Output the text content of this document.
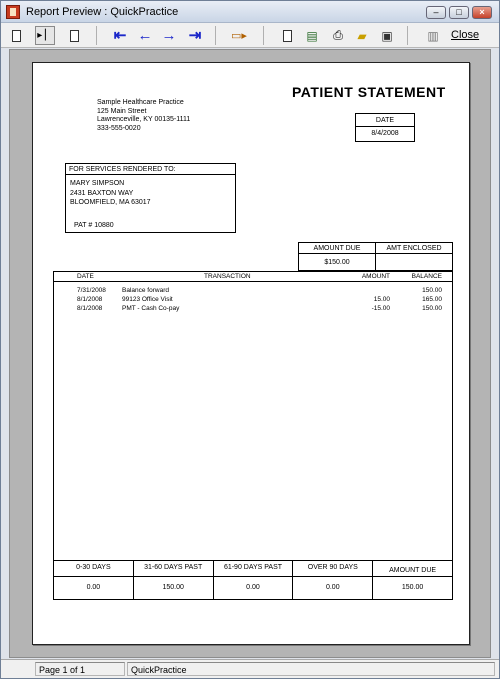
Report Preview : QuickPractice	–	□	×
▸ ▏	⇤ ← → ⇥	▭▸	▤ ⎙ ▰ ▣	▥ Close
PATIENT STATEMENT
Sample Healthcare Practice
125 Main Street
Lawrenceville, KY 00135-1111
333-555-0020
DATE
8/4/2008
FOR SERVICES RENDERED TO:
MARY SIMPSON
2431 BAXTON WAY
BLOOMFIELD, MA 63017
PAT # 10880
AMOUNT DUE
$150.00
AMT ENCLOSED
DATE	TRANSACTION	AMOUNT	BALANCE
7/31/2008 Balance forward	150.00
8/1/2008	99123 Office Visit	15.00	165.00
8/1/2008	PMT - Cash Co-pay	-15.00	150.00
0-30 DAYS
0.00
31-60 DAYS PAST
150.00
61-90 DAYS PAST
0.00
OVER 90 DAYS
0.00
AMOUNT DUE
150.00
Page 1 of 1	QuickPractice
